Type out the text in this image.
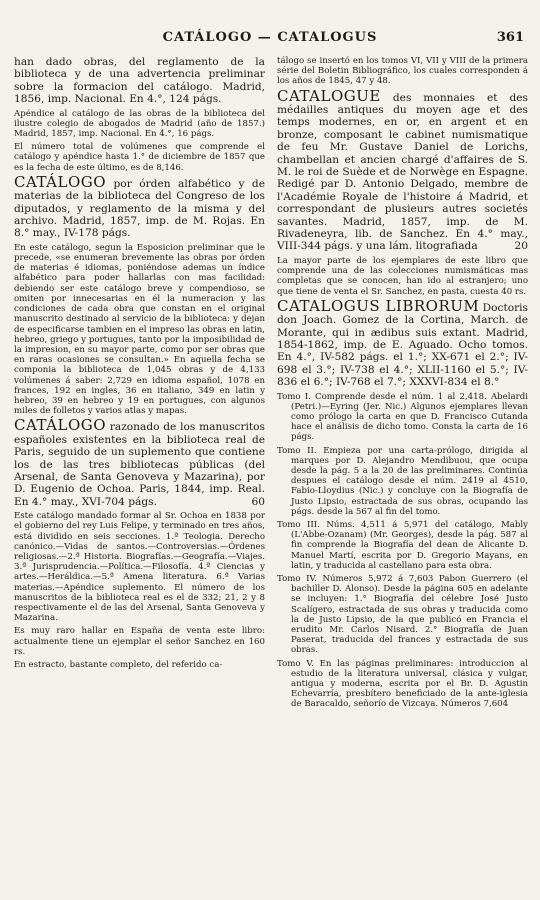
CATÁLOGO — CATALOGUS	361

han dado obras, del reglamento de la biblioteca y de una advertencia preliminar sobre la formacion del catálogo. Madrid, 1856, imp. Nacional. En 4.°, 124 págs.

Apéndice al catálogo de las obras de la biblioteca del ilustre colegio de abogados de Madrid (año de 1857.) Madrid, 1857, imp. Nacional. En 4.°, 16 págs.

El número total de volúmenes que comprende el catálogo y apéndice hasta 1.° de diciembre de 1857 que es la fecha de este último, es de 8,146.

CATÁLOGO por órden alfabético y de materias de la biblioteca del Congreso de los diputados, y reglamento de la misma y del archivo. Madrid, 1857, imp. de M. Rojas. En 8.° may., IV-178 págs.

En este catálogo, segun la Esposicion preliminar que le precede, «se enumeran brevemente las obras por órden de materias é idiomas, poniéndose ademas un índice alfabético para poder hallarlas con mas facilidad: debiendo ser este catálogo breve y compendioso, se omiten por innecesarias en él la numeracion y las condiciones de cada obra que constan en el original manuscrito destinado al servicio de la biblioteca: y dejan de especificarse tambien en el impreso las obras en latin, hebreo, griego y portugues, tanto por la imposibilidad de la impresion, en su mayor parte, como por ser obras que en raras ocasiones se consultan.» En aquella fecha se componia la biblioteca de 1,045 obras y de 4,133 volúmenes á saber: 2,729 en idioma español, 1078 en frances, 192 en ingles, 36 en italiano, 349 en latin y hebreo, 39 en hebreo y 19 en portugues, con algunos miles de folletos y varios atlas y mapas.

CATÁLOGO razonado de los manuscritos españoles existentes en la biblioteca real de Paris, seguido de un suplemento que contiene los de las tres bibliotecas públicas (del Arsenal, de Santa Genoveva y Mazarina), por D. Eugenio de Ochoa. Paris, 1844, imp. Real. En 4.° may., XVI-704 págs.	60

Este catálogo mandado formar al Sr. Ochoa en 1838 por el gobierno del rey Luis Felipe, y terminado en tres años, está dividido en seis secciones. 1.ª Teologia. Derecho canónico.—Vidas de santos.—Controversias.—Órdenes religiosas.—2.ª Historia. Biografías.—Geografía.—Viajes. 3.ª Jurisprudencia.—Política.—Filosofía. 4.ª Ciencias y artes.—Heráldica.—5.ª Amena literatura. 6.ª Varias materias.—Apéndice suplemento. El número de los manuscritos de la biblioteca real es el de 332; 21, 2 y 8 respectivamente el de las del Arsenal, Santa Genoveva y Mazarina.

Es muy raro hallar en España de venta este libro: actualmente tiene un ejemplar el señor Sanchez en 160 rs.

En estracto, bastante completo, del referido ca-

tálogo se insertó en los tomos VI, VII y VIII de la primera série del Boletin Bibliográfico, los cuales corresponden á los años de 1845, 47 y 48.

CATALOGUE des monnaies et des médailles antiques du moyen age et des temps modernes, en or, en argent et en bronze, composant le cabinet numismatique de feu Mr. Gustave Daniel de Lorichs, chambellan et ancien chargé d'affaires de S. M. le roi de Suède et de Norwège en Espagne. Redigé par D. Antonio Delgado, membre de l'Académie Royale de l'histoire á Madrid, et correspondant de plusieurs autres societés savantes. Madrid, 1857, imp. de M. Rivadeneyra, lib. de Sanchez. En 4.° may., VIII-344 págs. y una lám. litografiada	20

La mayor parte de los ejemplares de este libro que comprende una de las colecciones numismáticas mas completas que se conocen, han ido al estranjero; uno que tiene de venta el Sr. Sanchez, en pasta, cuesta 40 rs.

CATALOGUS LIBRORUM Doctoris don Joach. Gomez de la Cortina, March. de Morante, qui in ædibus suis extant. Madrid, 1854-1862, imp. de E. Aguado. Ocho tomos. En 4.°, IV-582 págs. el 1.°; XX-671 el 2.°; IV-698 el 3.°; IV-738 el 4.°; XLII-1160 el 5.°; IV-836 el 6.°; IV-768 el 7.°; XXXVI-834 el 8.°

Tomo I. Comprende desde el núm. 1 al 2,418. Abelardi (Petri.)—Eyring (Jer. Nic.) Algunos ejemplares llevan como prólogo la carta en que D. Francisco Cutanda hace el análisis de dicho tomo. Consta la carta de 16 págs.

Tomo II. Empieza por una carta-prólogo, dirigida al marques por D. Alejandro Mendibuou, que ocupa desde la pág. 5 a la 20 de las preliminares. Continúa despues el catálogo desde el núm. 2419 al 4510, Fabio-Lloydius (Nic.) y concluye con la Biografía de Justo Lipsio, estractada de sus obras, ocupando las págs. desde la 567 al fin del tomo.

Tomo III. Núms. 4,511 á 5,971 del catálogo, Mably (L'Abbe-Ozanam) (Mr. Georges), desde la pág. 587 al fin comprende la Biografía del dean de Alicante D. Manuel Martí, escrita por D. Gregorio Mayans, en latin, y traducida al castellano para esta obra.

Tomo IV. Números 5,972 á 7,603 Pabon Guerrero (el bachiller D. Alonso). Desde la página 605 en adelante se incluyen: 1.° Biografía del célebre José Justo Scalígero, estractada de sus obras y traducida como la de Justo Lipsio, de la que publicó en Francia el erudito Mr. Carlos Nisard. 2.° Biografía de Juan Paserat, traducida del frances y estractada de sus obras.

Tomo V. En las páginas preliminares: introduccion al estudio de la literatura universal, clásica y vulgar, antigua y moderna, escrita por el Br. D. Agustin Echevarría, presbítero beneficiado de la ante-iglesia de Baracaldo, señorío de Vizcaya. Números 7,604
